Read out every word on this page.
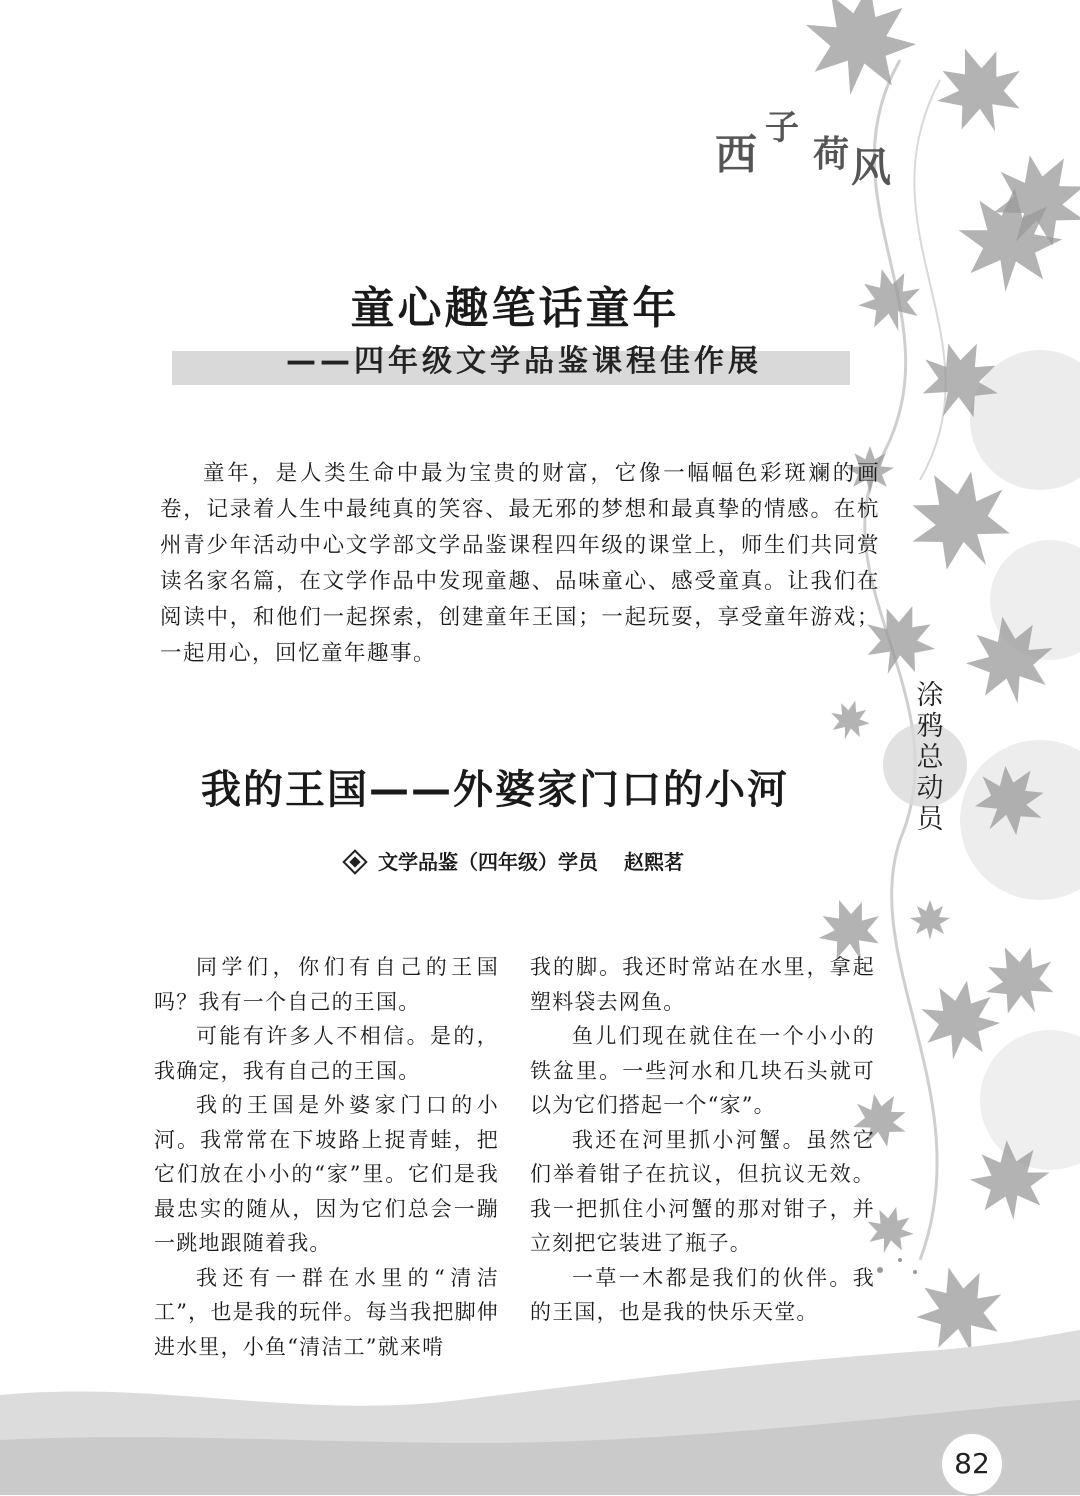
西
子
荷 风
童心趣笔话童年
——四年级文学品鉴课程佳作展

童年，是人类生命中最为宝贵的财富，它像一幅幅色彩斑斓的画卷，记录着人生中最纯真的笑容、最无邪的梦想和最真挚的情感。在杭州青少年活动中心文学部文学品鉴课程四年级的课堂上，师生们共同赏读名家名篇，在文学作品中发现童趣、品味童心、感受童真。让我们在阅读中，和他们一起探索，创建童年王国；一起玩耍，享受童年游戏；一起用心，回忆童年趣事。

涂
鸦
总
动
员
我的王国——外婆家门口的小河
文学品鉴（四年级）学员 赵熙茗

同学们，你们有自己的王国吗？我有一个自己的王国。

可能有许多人不相信。是的，我确定，我有自己的王国。

我的王国是外婆家门口的小河。我常常在下坡路上捉青蛙，把它们放在小小的“家”里。它们是我最忠实的随从，因为它们总会一蹦一跳地跟随着我。

我还有一群在水里的“清洁工”，也是我的玩伴。每当我把脚伸进水里，小鱼“清洁工”就来啃

我的脚。我还时常站在水里，拿起塑料袋去网鱼。

鱼儿们现在就住在一个小小的铁盆里。一些河水和几块石头就可以为它们搭起一个“家”。

我还在河里抓小河蟹。虽然它们举着钳子在抗议，但抗议无效。我一把抓住小河蟹的那对钳子，并立刻把它装进了瓶子。

一草一木都是我们的伙伴。我的王国，也是我的快乐天堂。

82
